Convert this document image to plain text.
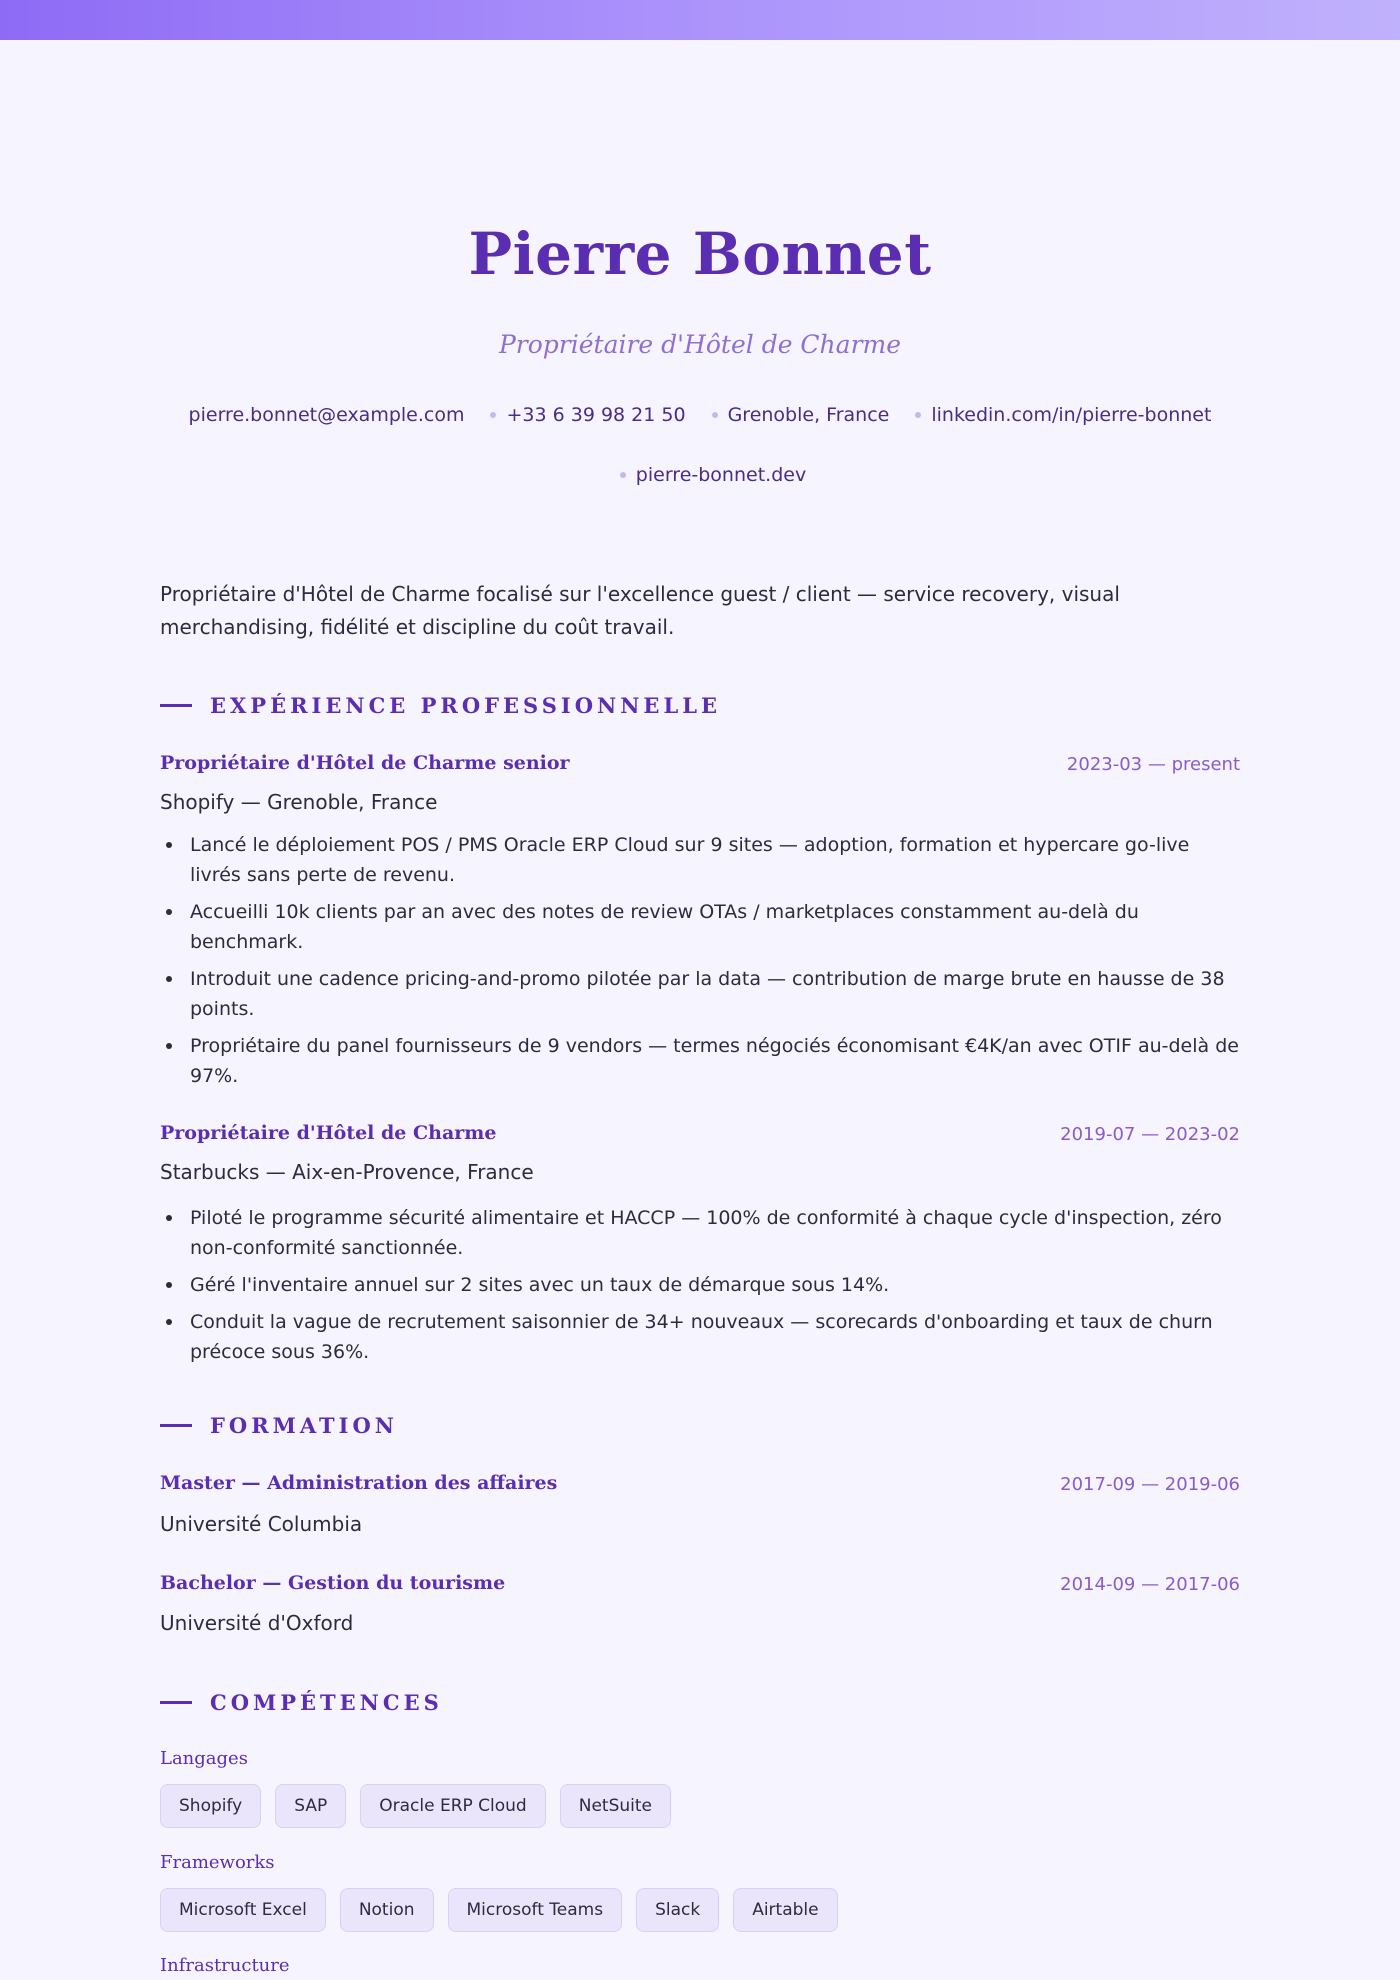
Pierre Bonnet
Propriétaire d'Hôtel de Charme
pierre.bonnet@example.com +33 6 39 98 21 50 Grenoble, France linkedin.com/in/pierre-bonnet
pierre-bonnet.dev

Propriétaire d'Hôtel de Charme focalisé sur l'excellence guest / client — service recovery, visual merchandising, fidélité et discipline du coût travail.

EXPÉRIENCE PROFESSIONNELLE
Propriétaire d'Hôtel de Charme senior	2023-03 — present
Shopify — Grenoble, France
Lancé le déploiement POS / PMS Oracle ERP Cloud sur 9 sites — adoption, formation et hypercare go-live livrés sans perte de revenu.
Accueilli 10k clients par an avec des notes de review OTAs / marketplaces constamment au-delà du benchmark.
Introduit une cadence pricing-and-promo pilotée par la data — contribution de marge brute en hausse de 38 points.
Propriétaire du panel fournisseurs de 9 vendors — termes négociés économisant €4K/an avec OTIF au-delà de 97%.
Propriétaire d'Hôtel de Charme	2019-07 — 2023-02
Starbucks — Aix-en-Provence, France
Piloté le programme sécurité alimentaire et HACCP — 100% de conformité à chaque cycle d'inspection, zéro non-conformité sanctionnée.
Géré l'inventaire annuel sur 2 sites avec un taux de démarque sous 14%.
Conduit la vague de recrutement saisonnier de 34+ nouveaux — scorecards d'onboarding et taux de churn précoce sous 36%.
FORMATION
Master — Administration des affaires	2017-09 — 2019-06
Université Columbia
Bachelor — Gestion du tourisme	2014-09 — 2017-06
Université d'Oxford
COMPÉTENCES
Langages
Shopify	SAP	Oracle ERP Cloud	NetSuite
Frameworks
Microsoft Excel	Notion	Microsoft Teams	Slack	Airtable
Infrastructure
